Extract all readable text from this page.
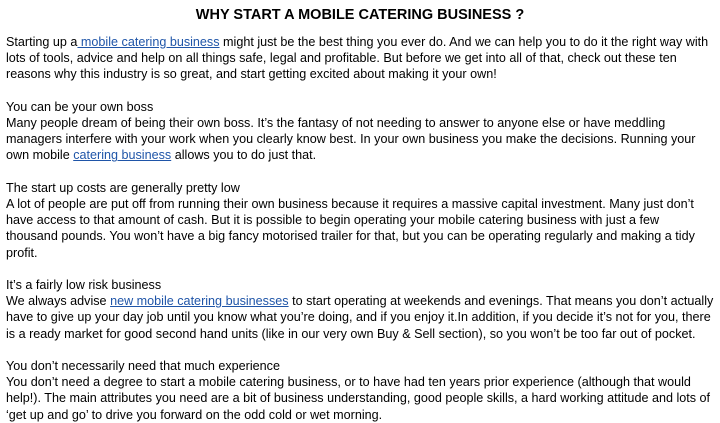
WHY START A MOBILE CATERING BUSINESS ?

Starting up a mobile catering business might just be the best thing you ever do. And we can help you to do it the right way with lots of tools, advice and help on all things safe, legal and profitable. But before we get into all of that, check out these ten reasons why this industry is so great, and start getting excited about making it your own!

You can be your own boss

Many people dream of being their own boss. It’s the fantasy of not needing to answer to anyone else or have meddling managers interfere with your work when you clearly know best. In your own business you make the decisions. Running your own mobile catering business allows you to do just that.

The start up costs are generally pretty low

A lot of people are put off from running their own business because it requires a massive capital investment. Many just don’t have access to that amount of cash. But it is possible to begin operating your mobile catering business with just a few thousand pounds. You won’t have a big fancy motorised trailer for that, but you can be operating regularly and making a tidy profit.

It’s a fairly low risk business

We always advise new mobile catering businesses to start operating at weekends and evenings. That means you don’t actually have to give up your day job until you know what you’re doing, and if you enjoy it.In addition, if you decide it’s not for you, there is a ready market for good second hand units (like in our very own Buy & Sell section), so you won’t be too far out of pocket.

You don’t necessarily need that much experience

You don’t need a degree to start a mobile catering business, or to have had ten years prior experience (although that would help!). The main attributes you need are a bit of business understanding, good people skills, a hard working attitude and lots of ‘get up and go’ to drive you forward on the odd cold or wet morning.
